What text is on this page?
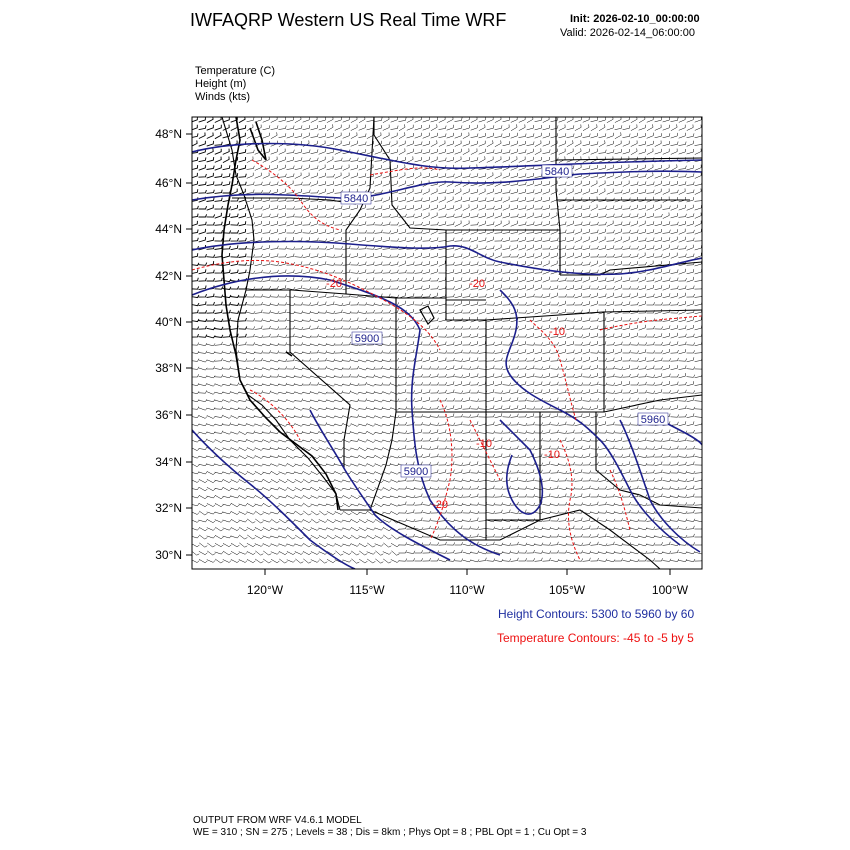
IWFAQRP Western US Real Time WRF	Init: 2026-02-10_00:00:00
Valid: 2026-02-14_06:00:00
Temperature (C)
Height (m)
Winds (kts)
5840
5840
5900
5900
5960
-20	-20
-10
-10
-20
-10
48°N
46°N
44°N
42°N
40°N
38°N
36°N
34°N
32°N
30°N
120°W	115°W	110°W	105°W	100°W
Height Contours: 5300 to 5960 by 60
Temperature Contours: -45 to -5 by 5
OUTPUT FROM WRF V4.6.1 MODEL
WE = 310 ; SN = 275 ; Levels = 38 ; Dis = 8km ; Phys Opt = 8 ; PBL Opt = 1 ; Cu Opt = 3
